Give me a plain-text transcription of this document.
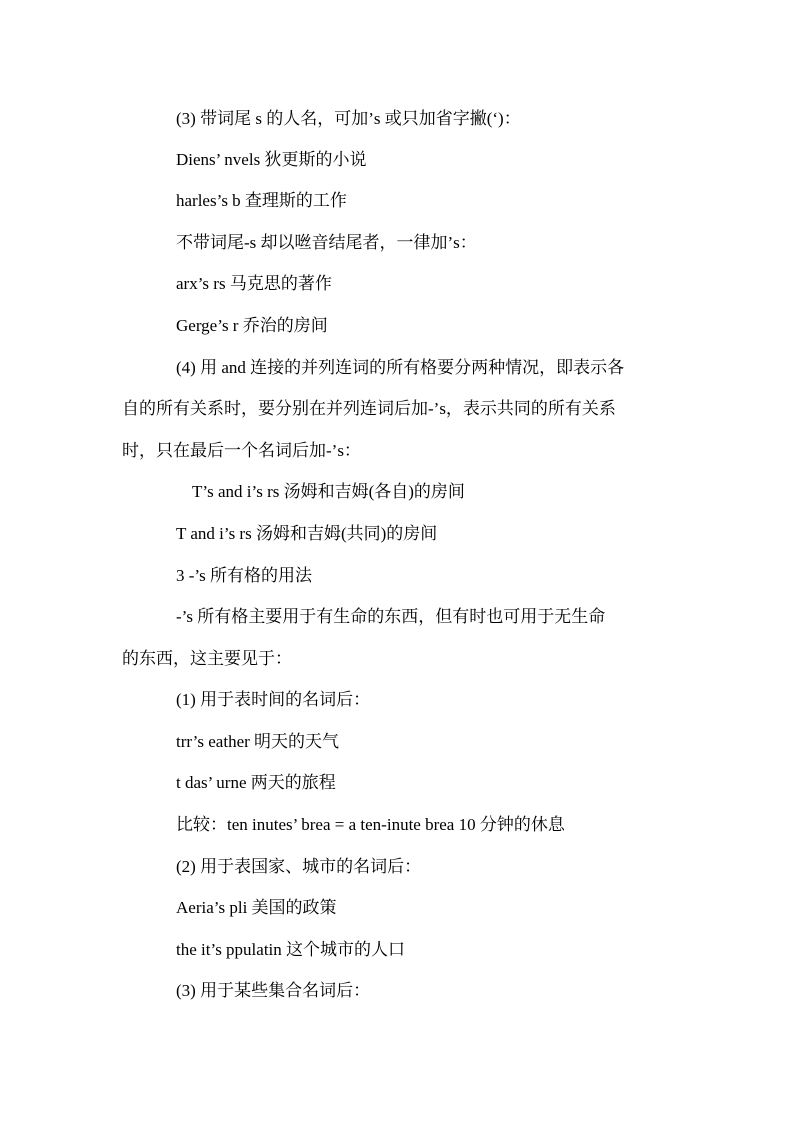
(3) 带词尾 s 的人名，可加’s 或只加省字撇(‘)：
Diens’ nvels 狄更斯的小说
harles’s b 查理斯的工作
不带词尾-s 却以咝音结尾者，一律加’s：
arx’s rs 马克思的著作
Gerge’s r 乔治的房间
(4) 用 and 连接的并列连词的所有格要分两种情况，即表示各
自的所有关系时，要分别在并列连词后加-’s，表示共同的所有关系
时，只在最后一个名词后加-’s：
T’s and i’s rs 汤姆和吉姆(各自)的房间
T and i’s rs 汤姆和吉姆(共同)的房间
3 -’s 所有格的用法
-’s 所有格主要用于有生命的东西，但有时也可用于无生命
的东西，这主要见于：
(1) 用于表时间的名词后：
trr’s eather 明天的天气
t das’ urne 两天的旅程
比较：ten inutes’ brea = a ten-inute brea 10 分钟的休息
(2) 用于表国家、城市的名词后：
Aeria’s pli 美国的政策
the it’s ppulatin 这个城市的人口
(3) 用于某些集合名词后：
